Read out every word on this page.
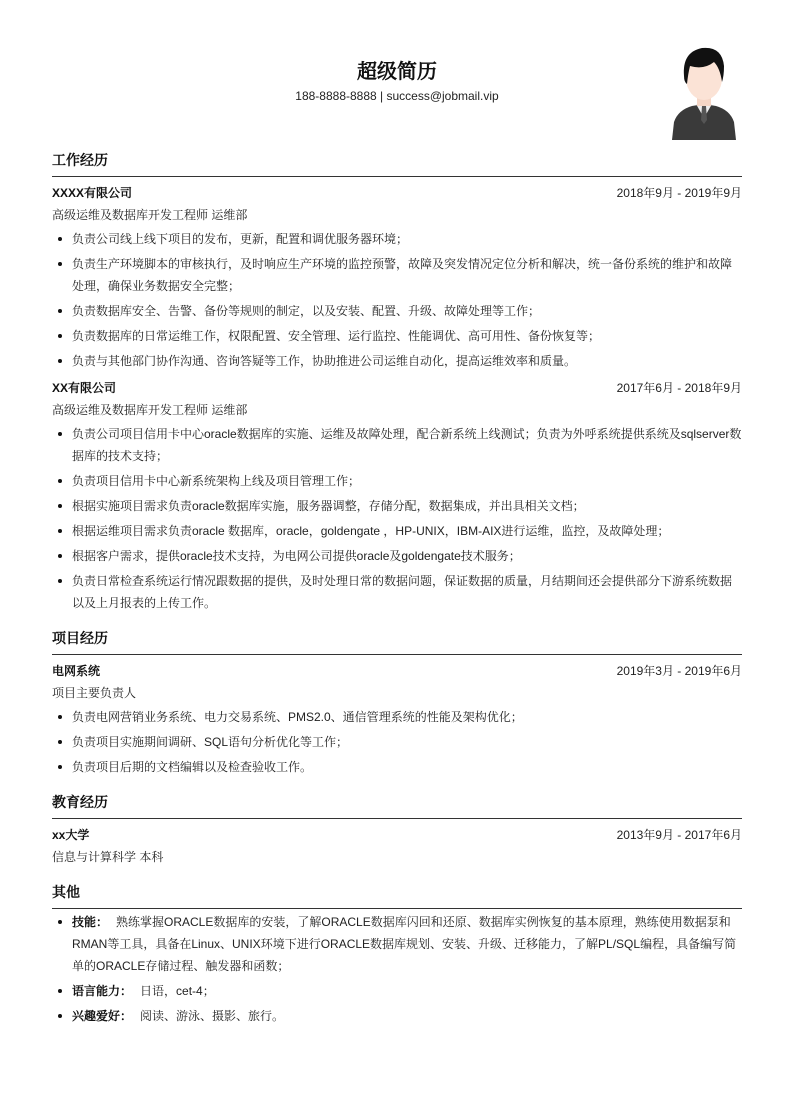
超级简历
188-8888-8888 | success@jobmail.vip
工作经历
XXXX有限公司	2018年9月 - 2019年9月
高级运维及数据库开发工程师 运维部
负责公司线上线下项目的发布，更新，配置和调优服务器环境；
负责生产环境脚本的审核执行，及时响应生产环境的监控预警，故障及突发情况定位分析和解决，统一备份系统的维护和故障处理，确保业务数据安全完整；
负责数据库安全、告警、备份等规则的制定，以及安装、配置、升级、故障处理等工作；
负责数据库的日常运维工作，权限配置、安全管理、运行监控、性能调优、高可用性、备份恢复等；
负责与其他部门协作沟通、咨询答疑等工作，协助推进公司运维自动化，提高运维效率和质量。
XX有限公司	2017年6月 - 2018年9月
高级运维及数据库开发工程师 运维部
负责公司项目信用卡中心oracle数据库的实施、运维及故障处理，配合新系统上线测试；负责为外呼系统提供系统及sqlserver数据库的技术支持；
负责项目信用卡中心新系统架构上线及项目管理工作；
根据实施项目需求负责oracle数据库实施，服务器调整，存储分配，数据集成，并出具相关文档；
根据运维项目需求负责oracle 数据库，oracle，goldengate ，HP-UNIX，IBM-AIX进行运维，监控，及故障处理；
根据客户需求，提供oracle技术支持，为电网公司提供oracle及goldengate技术服务；
负责日常检查系统运行情况跟数据的提供，及时处理日常的数据问题，保证数据的质量，月结期间还会提供部分下游系统数据以及上月报表的上传工作。
项目经历
电网系统	2019年3月 - 2019年6月
项目主要负责人
负责电网营销业务系统、电力交易系统、PMS2.0、通信管理系统的性能及架构优化；
负责项目实施期间调研、SQL语句分析优化等工作；
负责项目后期的文档编辑以及检查验收工作。
教育经历
xx大学	2013年9月 - 2017年6月
信息与计算科学 本科
其他
技能： 熟练掌握ORACLE数据库的安装，了解ORACLE数据库闪回和还原、数据库实例恢复的基本原理，熟练使用数据泵和RMAN等工具，具备在Linux、UNIX环境下进行ORACLE数据库规划、安装、升级、迁移能力，了解PL/SQL编程，具备编写简单的ORACLE存储过程、触发器和函数；
语言能力： 日语，cet-4；
兴趣爱好： 阅读、游泳、摄影、旅行。
